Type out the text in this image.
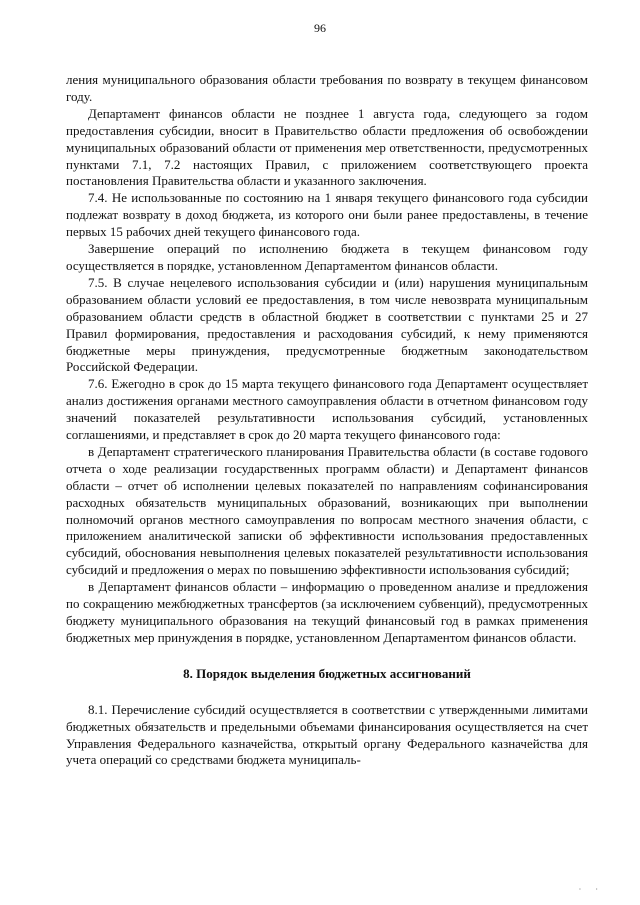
96

ления муниципального образования области требования по возврату в текущем финансовом году.

Департамент финансов области не позднее 1 августа года, следующего за годом предоставления субсидии, вносит в Правительство области предложения об освобождении муниципальных образований области от применения мер ответственности, предусмотренных пунктами 7.1, 7.2 настоящих Правил, с приложением соответствующего проекта постановления Правительства области и указанного заключения.

7.4. Не использованные по состоянию на 1 января текущего финансового года субсидии подлежат возврату в доход бюджета, из которого они были ранее предоставлены, в течение первых 15 рабочих дней текущего финансового года.

Завершение операций по исполнению бюджета в текущем финансовом году осуществляется в порядке, установленном Департаментом финансов области.

7.5. В случае нецелевого использования субсидии и (или) нарушения муниципальным образованием области условий ее предоставления, в том числе невозврата муниципальным образованием области средств в областной бюджет в соответствии с пунктами 25 и 27 Правил формирования, предоставления и расходования субсидий, к нему применяются бюджетные меры принуждения, предусмотренные бюджетным законодательством Российской Федерации.

7.6. Ежегодно в срок до 15 марта текущего финансового года Департамент осуществляет анализ достижения органами местного самоуправления области в отчетном финансовом году значений показателей результативности использования субсидий, установленных соглашениями, и представляет в срок до 20 марта текущего финансового года:

в Департамент стратегического планирования Правительства области (в составе годового отчета о ходе реализации государственных программ области) и Департамент финансов области – отчет об исполнении целевых показателей по направлениям софинансирования расходных обязательств муниципальных образований, возникающих при выполнении полномочий органов местного самоуправления по вопросам местного значения области, с приложением аналитической записки об эффективности использования предоставленных субсидий, обоснования невыполнения целевых показателей результативности использования субсидий и предложения о мерах по повышению эффективности использования субсидий;

в Департамент финансов области – информацию о проведенном анализе и предложения по сокращению межбюджетных трансфертов (за исключением субвенций), предусмотренных бюджету муниципального образования на текущий финансовый год в рамках применения бюджетных мер принуждения в порядке, установленном Департаментом финансов области.

8. Порядок выделения бюджетных ассигнований

8.1. Перечисление субсидий осуществляется в соответствии с утвержденными лимитами бюджетных обязательств и предельными объемами финансирования осуществляется на счет Управления Федерального казначейства, открытый органу Федерального казначейства для учета операций со средствами бюджета муниципаль-

· ·
